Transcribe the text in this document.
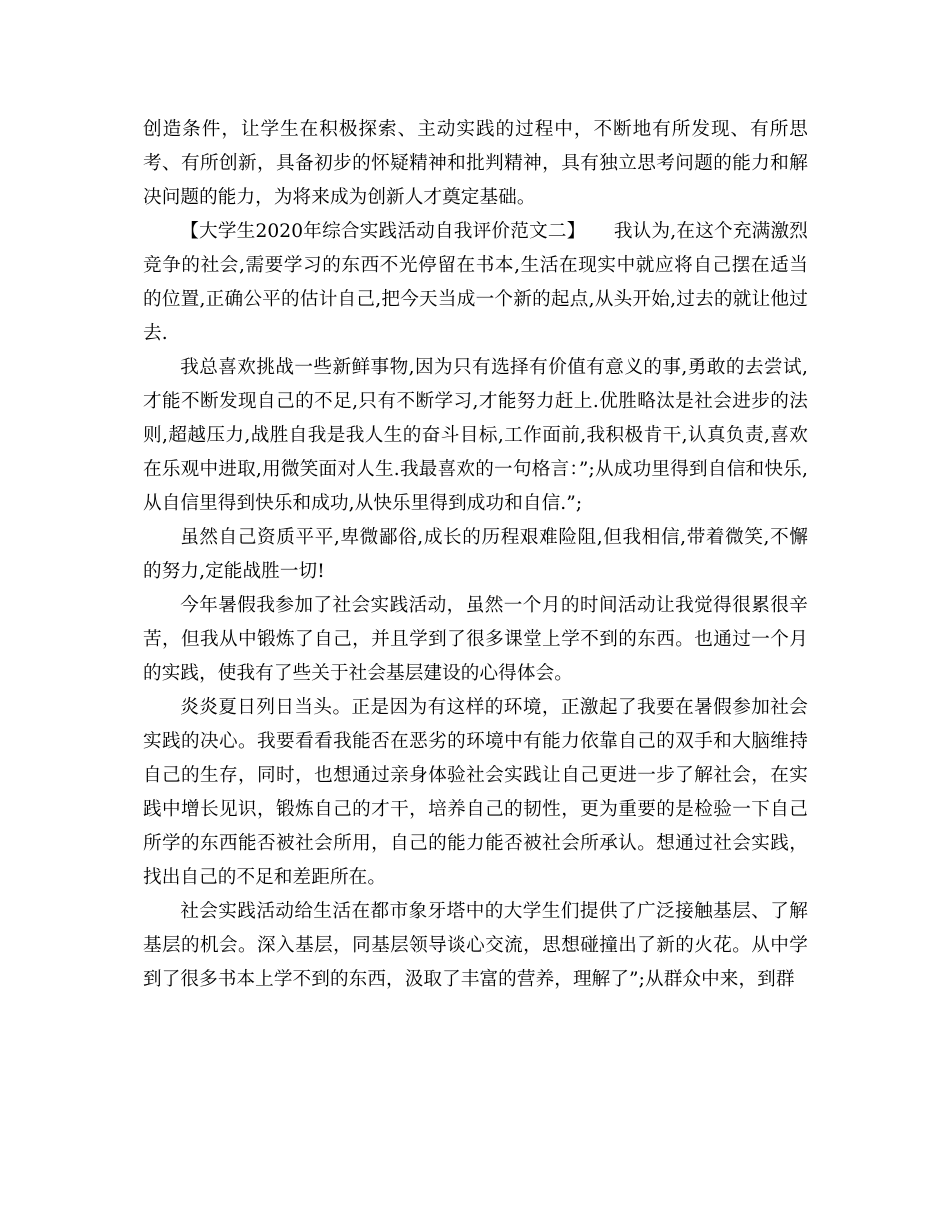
创造条件，让学生在积极探索、主动实践的过程中，不断地有所发现、有所思考、有所创新，具备初步的怀疑精神和批判精神，具有独立思考问题的能力和解决问题的能力，为将来成为创新人才奠定基础。

【大学生2020年综合实践活动自我评价范文二】　　我认为,在这个充满激烈竞争的社会,需要学习的东西不光停留在书本,生活在现实中就应将自己摆在适当的位置,正确公平的估计自己,把今天当成一个新的起点,从头开始,过去的就让他过去.

我总喜欢挑战一些新鲜事物,因为只有选择有价值有意义的事,勇敢的去尝试,才能不断发现自己的不足,只有不断学习,才能努力赶上.优胜略汰是社会进步的法则,超越压力,战胜自我是我人生的奋斗目标,工作面前,我积极肯干,认真负责,喜欢在乐观中进取,用微笑面对人生.我最喜欢的一句格言：”;从成功里得到自信和快乐,从自信里得到快乐和成功,从快乐里得到成功和自信.”;

虽然自己资质平平,卑微鄙俗,成长的历程艰难险阻,但我相信,带着微笑,不懈的努力,定能战胜一切!

今年暑假我参加了社会实践活动，虽然一个月的时间活动让我觉得很累很辛苦，但我从中锻炼了自己，并且学到了很多课堂上学不到的东西。也通过一个月的实践，使我有了些关于社会基层建设的心得体会。

炎炎夏日列日当头。正是因为有这样的环境，正激起了我要在暑假参加社会实践的决心。我要看看我能否在恶劣的环境中有能力依靠自己的双手和大脑维持自己的生存，同时，也想通过亲身体验社会实践让自己更进一步了解社会，在实践中增长见识，锻炼自己的才干，培养自己的韧性，更为重要的是检验一下自己所学的东西能否被社会所用，自己的能力能否被社会所承认。想通过社会实践，找出自己的不足和差距所在。

社会实践活动给生活在都市象牙塔中的大学生们提供了广泛接触基层、了解基层的机会。深入基层，同基层领导谈心交流，思想碰撞出了新的火花。从中学到了很多书本上学不到的东西，汲取了丰富的营养，理解了”;从群众中来，到群
